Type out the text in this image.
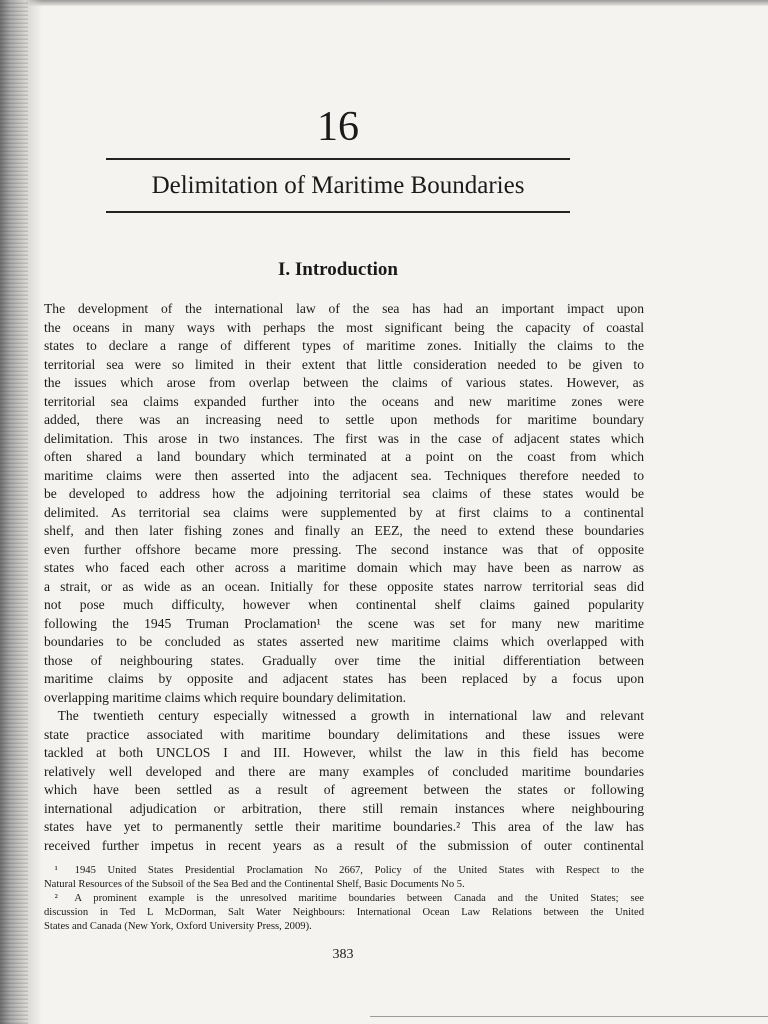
16
Delimitation of Maritime Boundaries
I. Introduction
The development of the international law of the sea has had an important impact upon
the oceans in many ways with perhaps the most significant being the capacity of coastal
states to declare a range of different types of maritime zones. Initially the claims to the
territorial sea were so limited in their extent that little consideration needed to be given to
the issues which arose from overlap between the claims of various states. However, as
territorial sea claims expanded further into the oceans and new maritime zones were
added, there was an increasing need to settle upon methods for maritime boundary
delimitation. This arose in two instances. The first was in the case of adjacent states which
often shared a land boundary which terminated at a point on the coast from which
maritime claims were then asserted into the adjacent sea. Techniques therefore needed to
be developed to address how the adjoining territorial sea claims of these states would be
delimited. As territorial sea claims were supplemented by at first claims to a continental
shelf, and then later fishing zones and finally an EEZ, the need to extend these boundaries
even further offshore became more pressing. The second instance was that of opposite
states who faced each other across a maritime domain which may have been as narrow as
a strait, or as wide as an ocean. Initially for these opposite states narrow territorial seas did
not pose much difficulty, however when continental shelf claims gained popularity
following the 1945 Truman Proclamation¹ the scene was set for many new maritime
boundaries to be concluded as states asserted new maritime claims which overlapped with
those of neighbouring states. Gradually over time the initial differentiation between
maritime claims by opposite and adjacent states has been replaced by a focus upon
overlapping maritime claims which require boundary delimitation.
 The twentieth century especially witnessed a growth in international law and relevant
state practice associated with maritime boundary delimitations and these issues were
tackled at both UNCLOS I and III. However, whilst the law in this field has become
relatively well developed and there are many examples of concluded maritime boundaries
which have been settled as a result of agreement between the states or following
international adjudication or arbitration, there still remain instances where neighbouring
states have yet to permanently settle their maritime boundaries.² This area of the law has
received further impetus in recent years as a result of the submission of outer continental
 ¹  1945 United States Presidential Proclamation No 2667, Policy of the United States with Respect to the
Natural Resources of the Subsoil of the Sea Bed and the Continental Shelf, Basic Documents No 5.
 ²  A prominent example is the unresolved maritime boundaries between Canada and the United States; see
discussion in Ted L McDorman, Salt Water Neighbours: International Ocean Law Relations between the United
States and Canada (New York, Oxford University Press, 2009).
383
